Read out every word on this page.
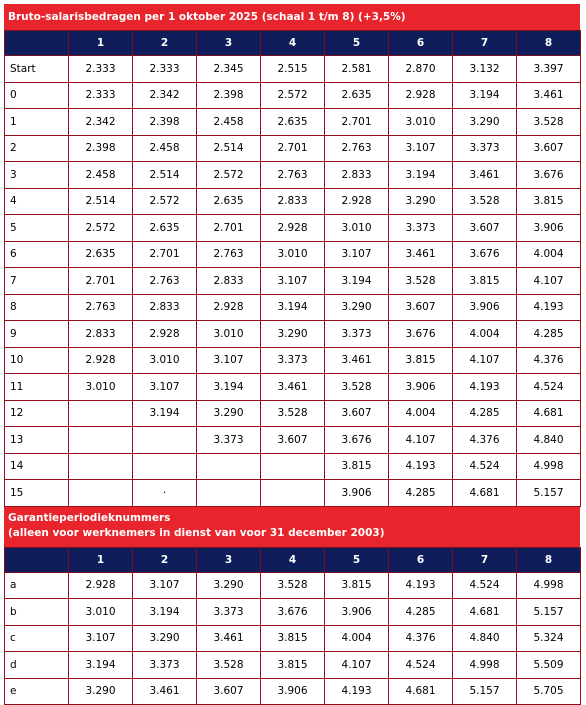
Bruto-salarisbedragen per 1 oktober 2025 (schaal 1 t/m 8) (+3,5%)
	1	2	3	4	5	6	7	8
Start	2.333	2.333	2.345	2.515	2.581	2.870	3.132	3.397
0	2.333	2.342	2.398	2.572	2.635	2.928	3.194	3.461
1	2.342	2.398	2.458	2.635	2.701	3.010	3.290	3.528
2	2.398	2.458	2.514	2.701	2.763	3.107	3.373	3.607
3	2.458	2.514	2.572	2.763	2.833	3.194	3.461	3.676
4	2.514	2.572	2.635	2.833	2.928	3.290	3.528	3.815
5	2.572	2.635	2.701	2.928	3.010	3.373	3.607	3.906
6	2.635	2.701	2.763	3.010	3.107	3.461	3.676	4.004
7	2.701	2.763	2.833	3.107	3.194	3.528	3.815	4.107
8	2.763	2.833	2.928	3.194	3.290	3.607	3.906	4.193
9	2.833	2.928	3.010	3.290	3.373	3.676	4.004	4.285
10	2.928	3.010	3.107	3.373	3.461	3.815	4.107	4.376
11	3.010	3.107	3.194	3.461	3.528	3.906	4.193	4.524
12		3.194	3.290	3.528	3.607	4.004	4.285	4.681
13			3.373	3.607	3.676	4.107	4.376	4.840
14					3.815	4.193	4.524	4.998
15		·			3.906	4.285	4.681	5.157
Garantieperiodieknummers
(alleen voor werknemers in dienst van voor 31 december 2003)
	1	2	3	4	5	6	7	8
a	2.928	3.107	3.290	3.528	3.815	4.193	4.524	4.998
b	3.010	3.194	3.373	3.676	3.906	4.285	4.681	5.157
c	3.107	3.290	3.461	3.815	4.004	4.376	4.840	5.324
d	3.194	3.373	3.528	3.815	4.107	4.524	4.998	5.509
e	3.290	3.461	3.607	3.906	4.193	4.681	5.157	5.705
